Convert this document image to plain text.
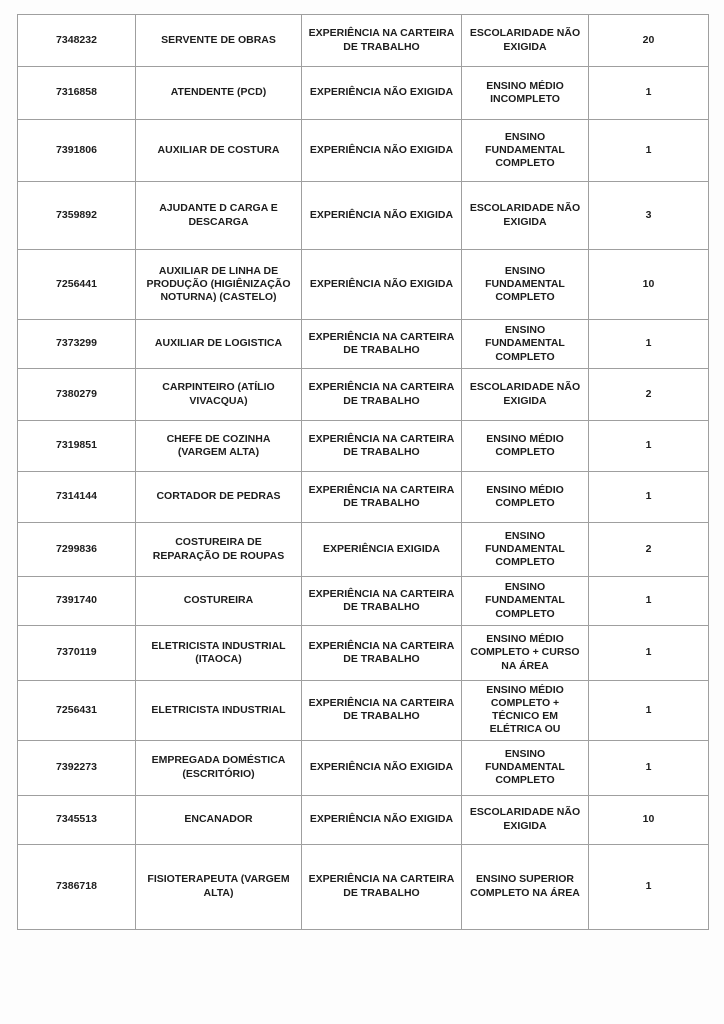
7348232	SERVENTE DE OBRAS	EXPERIÊNCIA NA CARTEIRA DE TRABALHO	ESCOLARIDADE NÃO EXIGIDA	20
7316858	ATENDENTE (PCD)	EXPERIÊNCIA NÃO EXIGIDA	ENSINO MÉDIO INCOMPLETO	1
7391806	AUXILIAR DE COSTURA	EXPERIÊNCIA NÃO EXIGIDA	ENSINO FUNDAMENTAL COMPLETO	1
7359892	AJUDANTE D CARGA E DESCARGA	EXPERIÊNCIA NÃO EXIGIDA	ESCOLARIDADE NÃO EXIGIDA	3
7256441	AUXILIAR DE LINHA DE PRODUÇÃO (HIGIÊNIZAÇÃO NOTURNA) (CASTELO)	EXPERIÊNCIA NÃO EXIGIDA	ENSINO FUNDAMENTAL COMPLETO	10
7373299	AUXILIAR DE LOGISTICA	EXPERIÊNCIA NA CARTEIRA DE TRABALHO	ENSINO FUNDAMENTAL COMPLETO	1
7380279	CARPINTEIRO (ATÍLIO VIVACQUA)	EXPERIÊNCIA NA CARTEIRA DE TRABALHO	ESCOLARIDADE NÃO EXIGIDA	2
7319851	CHEFE DE COZINHA (VARGEM ALTA)	EXPERIÊNCIA NA CARTEIRA DE TRABALHO	ENSINO MÉDIO COMPLETO	1
7314144	CORTADOR DE PEDRAS	EXPERIÊNCIA NA CARTEIRA DE TRABALHO	ENSINO MÉDIO COMPLETO	1
7299836	COSTUREIRA DE REPARAÇÃO DE ROUPAS	EXPERIÊNCIA EXIGIDA	ENSINO FUNDAMENTAL COMPLETO	2
7391740	COSTUREIRA	EXPERIÊNCIA NA CARTEIRA DE TRABALHO	ENSINO FUNDAMENTAL COMPLETO	1
7370119	ELETRICISTA INDUSTRIAL (ITAOCA)	EXPERIÊNCIA NA CARTEIRA DE TRABALHO	ENSINO MÉDIO COMPLETO + CURSO NA ÁREA	1
7256431	ELETRICISTA INDUSTRIAL	EXPERIÊNCIA NA CARTEIRA DE TRABALHO	ENSINO MÉDIO COMPLETO + TÉCNICO EM ELÉTRICA OU	1
7392273	EMPREGADA DOMÉSTICA (ESCRITÓRIO)	EXPERIÊNCIA NÃO EXIGIDA	ENSINO FUNDAMENTAL COMPLETO	1
7345513	ENCANADOR	EXPERIÊNCIA NÃO EXIGIDA	ESCOLARIDADE NÃO EXIGIDA	10
7386718	FISIOTERAPEUTA (VARGEM ALTA)	EXPERIÊNCIA NA CARTEIRA DE TRABALHO	ENSINO SUPERIOR COMPLETO NA ÁREA	1
